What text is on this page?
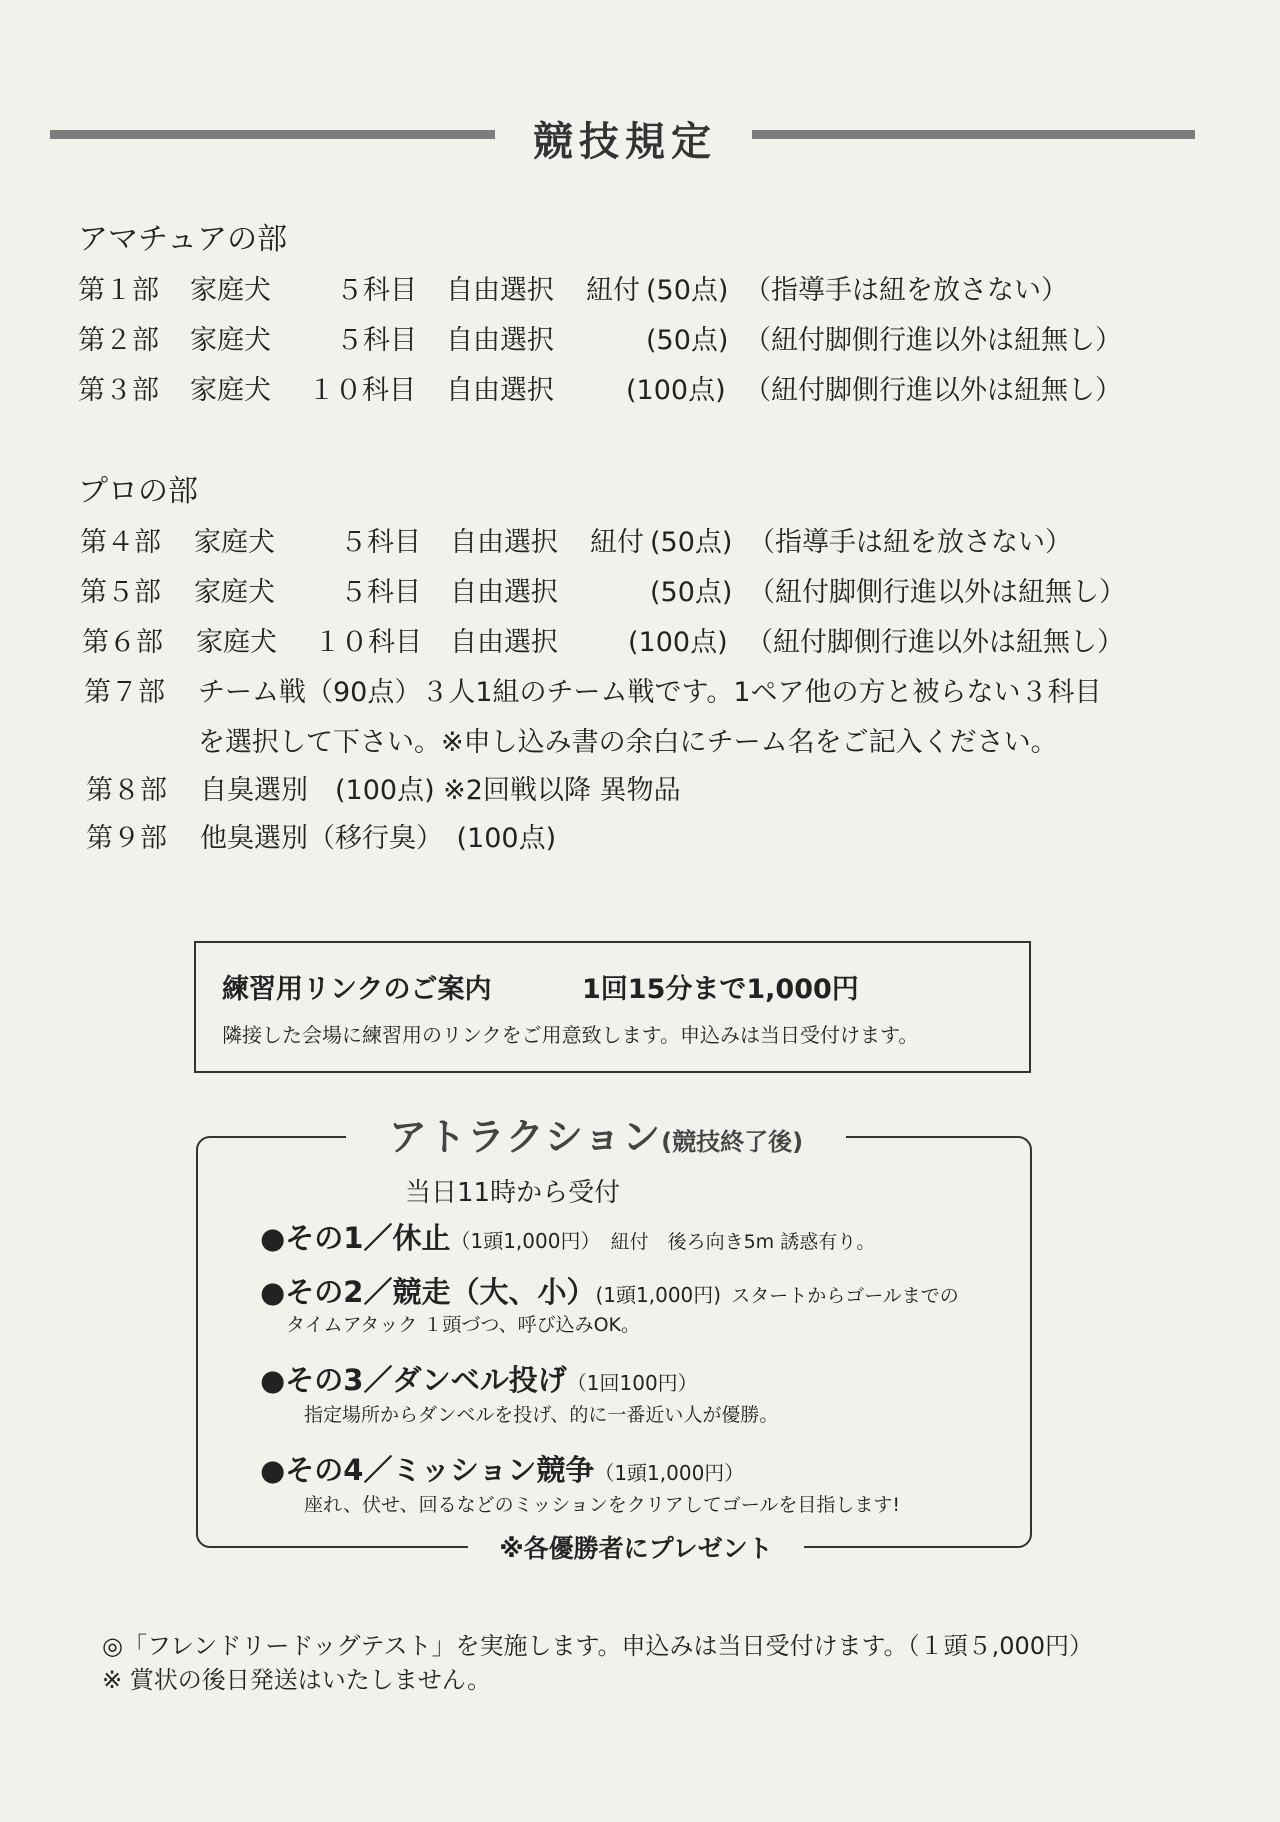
競技規定
アマチュアの部
第１部 家庭犬 ５科目 自由選択 紐付 (50点) （指導手は紐を放さない）
第２部 家庭犬 ５科目 自由選択	(50点) （紐付脚側行進以外は紐無し）
第３部 家庭犬 １０科目 自由選択	(100点) （紐付脚側行進以外は紐無し）
プロの部
第４部 家庭犬 ５科目 自由選択 紐付 (50点) （指導手は紐を放さない）
第５部 家庭犬 ５科目 自由選択	(50点) （紐付脚側行進以外は紐無し）
第６部 家庭犬 １０科目 自由選択	(100点) （紐付脚側行進以外は紐無し）
第７部 チーム戦（90点）３人1組のチーム戦です。1ペア他の方と被らない３科目
を選択して下さい。※申し込み書の余白にチーム名をご記入ください。
第８部 自臭選別　(100点) ※2回戦以降 異物品
第９部 他臭選別（移行臭）　(100点)
練習用リンクのご案内	1回15分まで1,000円
隣接した会場に練習用のリンクをご用意致します。申込みは当日受付けます。
アトラクション(競技終了後)
当日11時から受付
●その1／休止（1頭1,000円） 紐付　後ろ向き5m 誘惑有り。
●その2／競走（大、小）(1頭1,000円) スタートからゴールまでの
タイムアタック １頭づつ、呼び込みOK。
●その3／ダンベル投げ（1回100円）
指定場所からダンベルを投げ、的に一番近い人が優勝。
●その4／ミッション競争（1頭1,000円）
座れ、伏せ、回るなどのミッションをクリアしてゴールを目指します!
※各優勝者にプレゼント
◎「フレンドリードッグテスト」を実施します。申込みは当日受付けます。（１頭５,000円）
※ 賞状の後日発送はいたしません。
